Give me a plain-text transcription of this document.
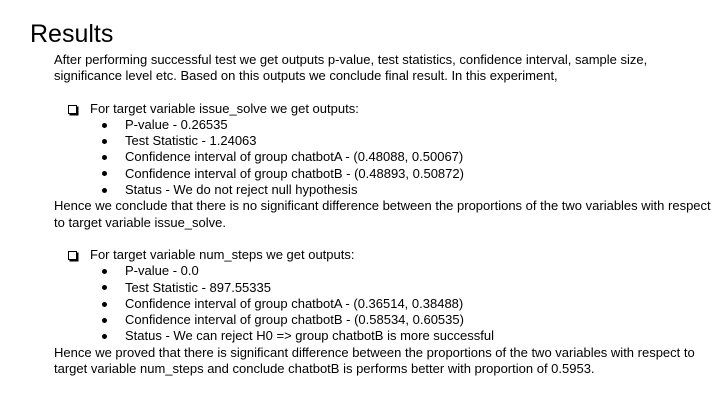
Results

After performing successful test we get outputs p-value, test statistics, confidence interval, sample size, significance level etc. Based on this outputs we conclude final result. In this experiment,

For target variable issue_solve we get outputs:
P-value - 0.26535
Test Statistic - 1.24063
Confidence interval of group chatbotA - (0.48088, 0.50067)
Confidence interval of group chatbotB - (0.48893, 0.50872)
Status - We do not reject null hypothesis

Hence we conclude that there is no significant difference between the proportions of the two variables with respect to target variable issue_solve.

For target variable num_steps we get outputs:
P-value - 0.0
Test Statistic - 897.55335
Confidence interval of group chatbotA - (0.36514, 0.38488)
Confidence interval of group chatbotB - (0.58534, 0.60535)
Status - We can reject H0 => group chatbotB is more successful

Hence we proved that there is significant difference between the proportions of the two variables with respect to target variable num_steps and conclude chatbotB is performs better with proportion of 0.5953.
